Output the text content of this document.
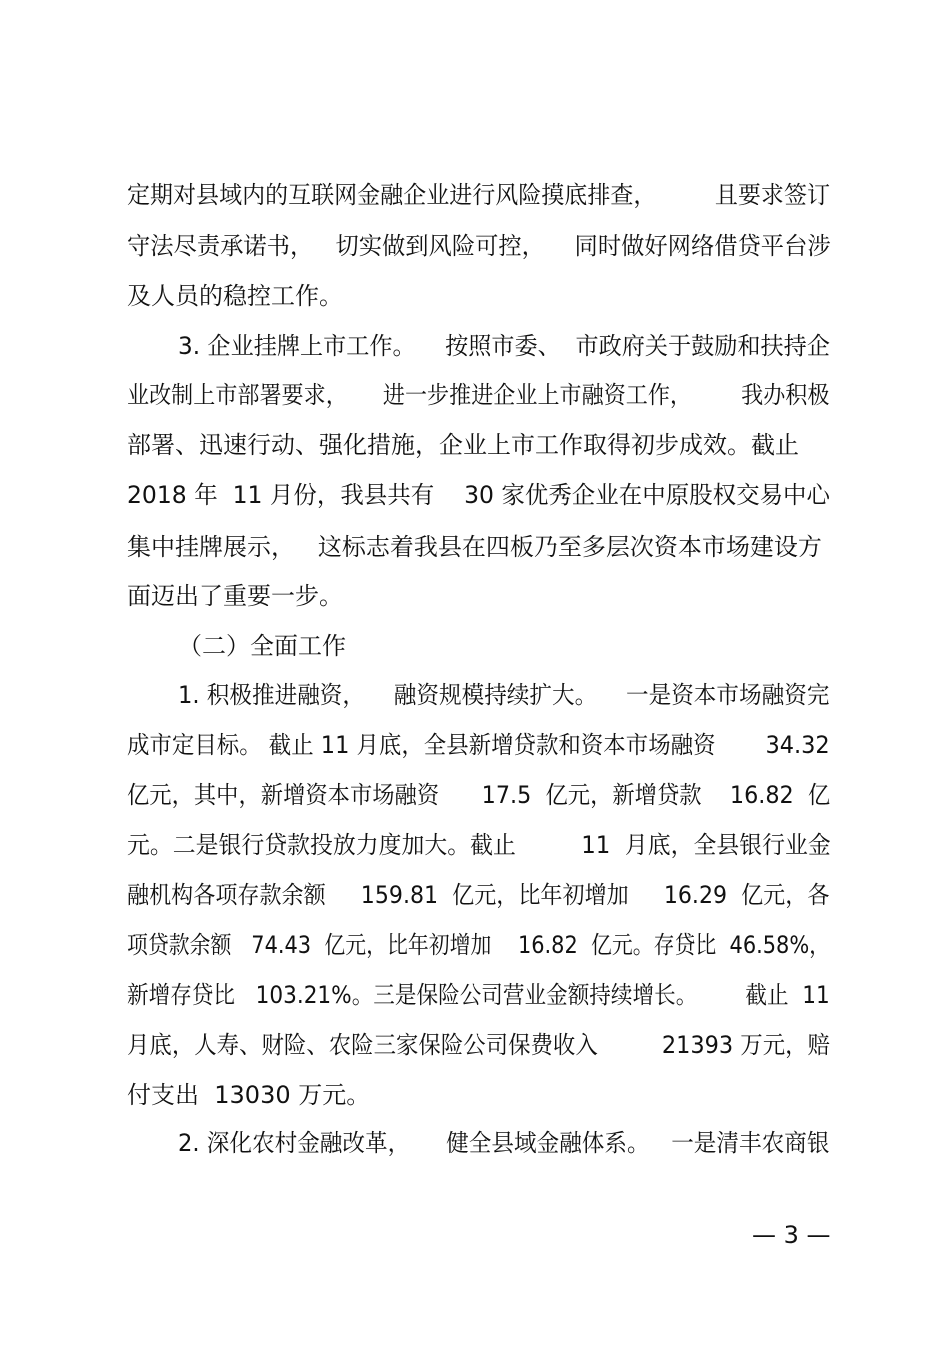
定期对县域内的互联网金融企业进行风险摸底排查，        且要求签订
守法尽责承诺书，   切实做到风险可控，    同时做好网络借贷平台涉
及人员的稳控工作。
3. 企业挂牌上市工作。    按照市委、  市政府关于鼓励和扶持企
业改制上市部署要求，     进一步推进企业上市融资工作，       我办积极
部署、迅速行动、强化措施，企业上市工作取得初步成效。截止
2018 年  11 月份，我县共有    30 家优秀企业在中原股权交易中心
集中挂牌展示，   这标志着我县在四板乃至多层次资本市场建设方
面迈出了重要一步。
（二）全面工作
1. 积极推进融资，    融资规模持续扩大。    一是资本市场融资完
成市定目标。 截止 11 月底，全县新增贷款和资本市场融资       34.32
亿元，其中，新增资本市场融资      17.5  亿元，新增贷款    16.82  亿
元。二是银行贷款投放力度加大。截止         11  月底，全县银行业金
融机构各项存款余额     159.81  亿元，比年初增加     16.29  亿元，各
项贷款余额   74.43  亿元，比年初增加    16.82  亿元。存贷比  46.58%，
新增存贷比   103.21%。三是保险公司营业金额持续增长。       截止  11
月底，人寿、财险、农险三家保险公司保费收入         21393 万元，赔
付支出  13030 万元。
2. 深化农村金融改革，     健全县域金融体系。   一是清丰农商银
— 3 —
